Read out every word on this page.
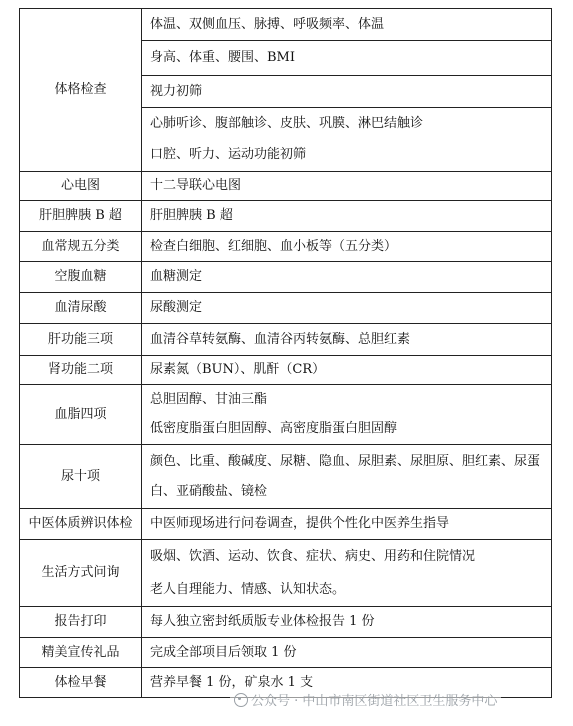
体格检查	体温、双侧血压、脉搏、呼吸频率、体温
	身高、体重、腰围、BMI
	视力初筛
	心肺听诊、腹部触诊、皮肤、巩膜、淋巴结触诊
	口腔、听力、运动功能初筛
心电图	十二导联心电图
肝胆脾胰 B 超	肝胆脾胰 B 超
血常规五分类	检查白细胞、红细胞、血小板等（五分类）
空腹血糖	血糖测定
血清尿酸	尿酸测定
肝功能三项	血清谷草转氨酶、血清谷丙转氨酶、总胆红素
肾功能二项	尿素氮（BUN）、肌酐（CR）
血脂四项	总胆固醇、甘油三酯
	低密度脂蛋白胆固醇、高密度脂蛋白胆固醇
尿十项	颜色、比重、酸碱度、尿糖、隐血、尿胆素、尿胆原、胆红素、尿蛋白、亚硝酸盐、镜检
中医体质辨识体检	中医师现场进行问卷调查，提供个性化中医养生指导
生活方式问询	吸烟、饮酒、运动、饮食、症状、病史、用药和住院情况
	老人自理能力、情感、认知状态。
报告打印	每人独立密封纸质版专业体检报告 1 份
精美宣传礼品	完成全部项目后领取 1 份
体检早餐	营养早餐 1 份，矿泉水 1 支
公众号 · 中山市南区街道社区卫生服务中心
